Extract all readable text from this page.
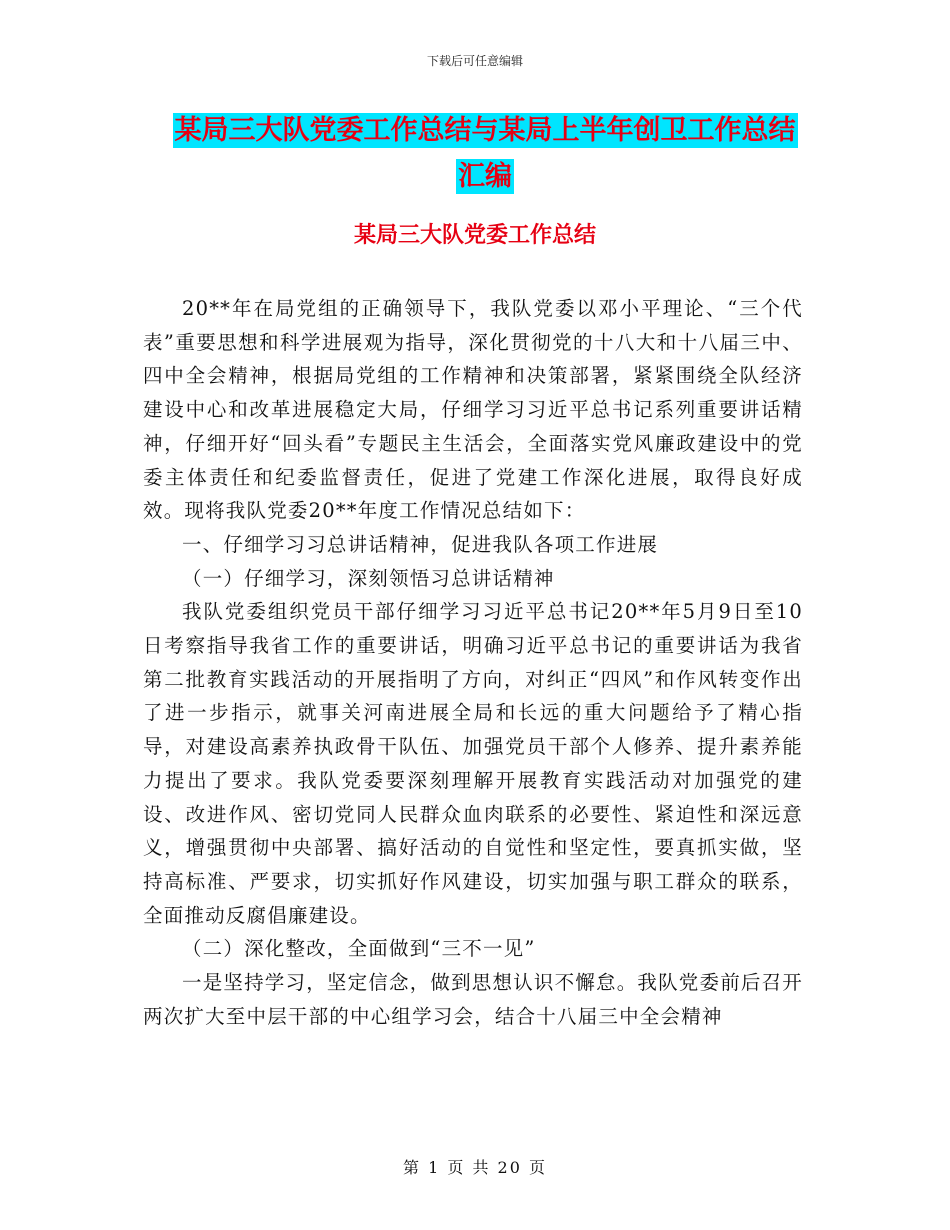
下载后可任意编辑
某局三大队党委工作总结与某局上半年创卫工作总结
汇编
某局三大队党委工作总结

20**年在局党组的正确领导下，我队党委以邓小平理论、“三个代表”重要思想和科学进展观为指导，深化贯彻党的十八大和十八届三中、四中全会精神，根据局党组的工作精神和决策部署，紧紧围绕全队经济建设中心和改革进展稳定大局，仔细学习习近平总书记系列重要讲话精神，仔细开好“回头看”专题民主生活会，全面落实党风廉政建设中的党委主体责任和纪委监督责任，促进了党建工作深化进展，取得良好成效。现将我队党委20**年度工作情况总结如下：

一、仔细学习习总讲话精神，促进我队各项工作进展

（一）仔细学习，深刻领悟习总讲话精神

我队党委组织党员干部仔细学习习近平总书记20**年5月9日至10日考察指导我省工作的重要讲话，明确习近平总书记的重要讲话为我省第二批教育实践活动的开展指明了方向，对纠正“四风”和作风转变作出了进一步指示，就事关河南进展全局和长远的重大问题给予了精心指导，对建设高素养执政骨干队伍、加强党员干部个人修养、提升素养能力提出了要求。我队党委要深刻理解开展教育实践活动对加强党的建设、改进作风、密切党同人民群众血肉联系的必要性、紧迫性和深远意义，增强贯彻中央部署、搞好活动的自觉性和坚定性，要真抓实做，坚持高标准、严要求，切实抓好作风建设，切实加强与职工群众的联系，全面推动反腐倡廉建设。

（二）深化整改，全面做到“三不一见”

一是坚持学习，坚定信念，做到思想认识不懈怠。我队党委前后召开两次扩大至中层干部的中心组学习会，结合十八届三中全会精神

第 1 页 共 20 页
